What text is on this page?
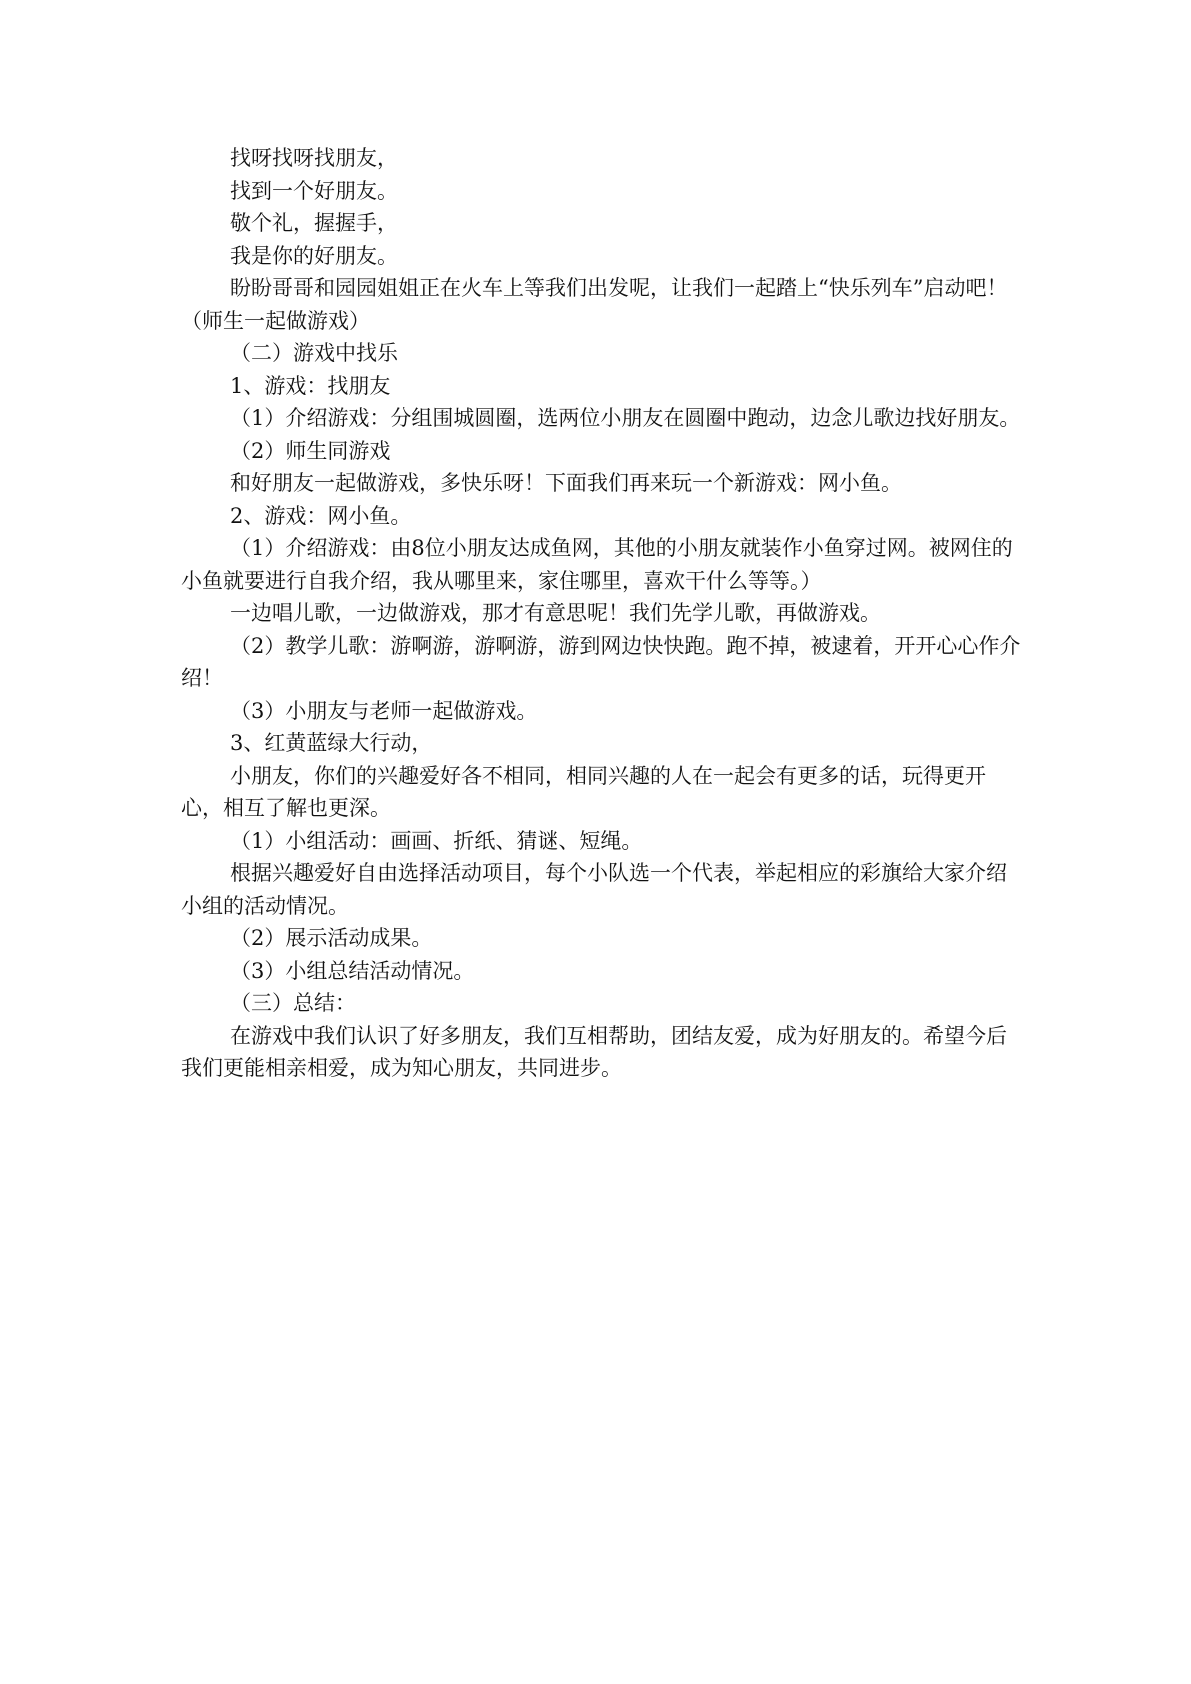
找呀找呀找朋友，

找到一个好朋友。

敬个礼，握握手，

我是你的好朋友。

盼盼哥哥和园园姐姐正在火车上等我们出发呢，让我们一起踏上“快乐列车”启动吧！（师生一起做游戏）

（二）游戏中找乐

1、游戏：找朋友

（1）介绍游戏：分组围城圆圈，选两位小朋友在圆圈中跑动，边念儿歌边找好朋友。

（2）师生同游戏

和好朋友一起做游戏，多快乐呀！下面我们再来玩一个新游戏：网小鱼。

2、游戏：网小鱼。

（1）介绍游戏：由8位小朋友达成鱼网，其他的小朋友就装作小鱼穿过网。被网住的小鱼就要进行自我介绍，我从哪里来，家住哪里，喜欢干什么等等。）

一边唱儿歌，一边做游戏，那才有意思呢！我们先学儿歌，再做游戏。

（2）教学儿歌：游啊游，游啊游，游到网边快快跑。跑不掉，被逮着，开开心心作介绍！

（3）小朋友与老师一起做游戏。

3、红黄蓝绿大行动，

小朋友，你们的兴趣爱好各不相同，相同兴趣的人在一起会有更多的话，玩得更开心，相互了解也更深。

（1）小组活动：画画、折纸、猜谜、短绳。

根据兴趣爱好自由选择活动项目，每个小队选一个代表，举起相应的彩旗给大家介绍小组的活动情况。

（2）展示活动成果。

（3）小组总结活动情况。

（三）总结：

在游戏中我们认识了好多朋友，我们互相帮助，团结友爱，成为好朋友的。希望今后我们更能相亲相爱，成为知心朋友，共同进步。
